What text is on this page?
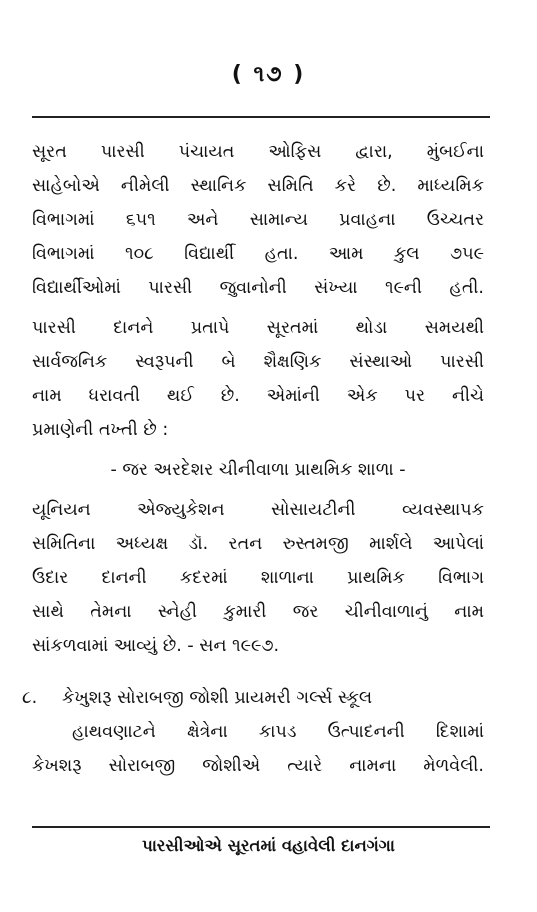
( ૧૭ )
સૂરત પારસી પંચાયત ઓફિસ દ્વારા, મુંબઈના
સાહેબોએ નીમેલી સ્થાનિક સમિતિ કરે છે. માધ્યમિક
વિભાગમાં ૬૫૧ અને સામાન્ય પ્રવાહના ઉચ્ચતર
વિભાગમાં ૧૦૮ વિદ્યાર્થી હતા. આમ કુલ ૭૫૯
વિદ્યાર્થીઓમાં પારસી જુવાનોની સંખ્યા ૧૯ની હતી.
પારસી દાનને પ્રતાપે સૂરતમાં થોડા સમયથી
સાર્વજનિક સ્વરૂપની બે શૈક્ષણિક સંસ્થાઓ પારસી
નામ ધરાવતી થઈ છે. એમાંની એક પર નીચે
પ્રમાણેની તખ્તી છે :
- જર અરદેશર ચીનીવાળા પ્રાથમિક શાળા -
યૂનિયન એજ્યુકેશન સોસાયટીની વ્યવસ્થાપક
સમિતિના અધ્યક્ષ ડૉ. રતન રુસ્તમજી માર્શલે આપેલાં
ઉદાર દાનની કદરમાં શાળાના પ્રાથમિક વિભાગ
સાથે તેમના સ્નેહી કુમારી જર ચીનીવાળાનું નામ
સાંકળવામાં આવ્યું છે. - સન ૧૯૯૭.
૮.	કેખુશરૂ સોરાબજી જોશી પ્રાયમરી ગર્લ્સ સ્કૂલ
હાથવણાટને ક્ષેત્રેના કાપડ ઉત્પાદનની દિશામાં
કેખશરૂ સોરાબજી જોશીએ ત્યારે નામના મેળવેલી.
પારસીઓએ સૂરતમાં વહાવેલી દાનગંગા
